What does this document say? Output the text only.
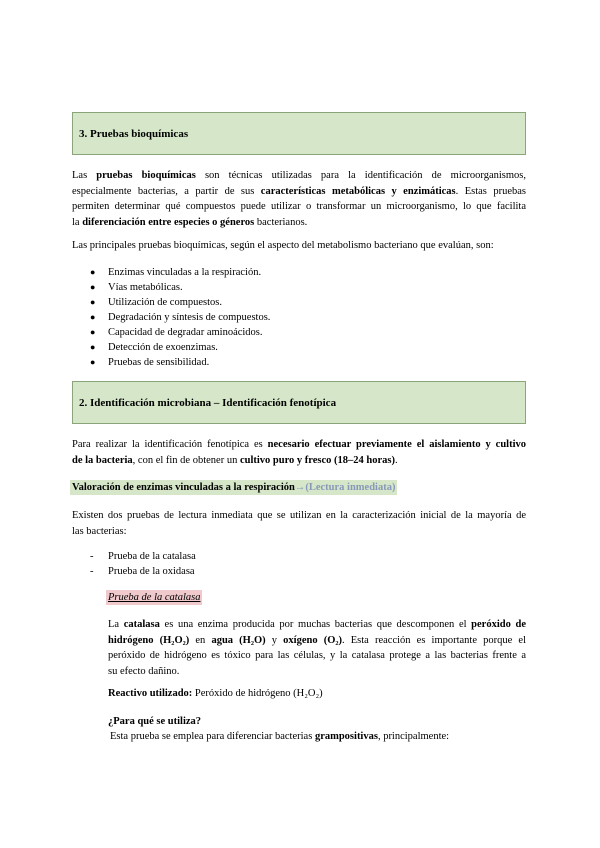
3. Pruebas bioquímicas
Las pruebas bioquímicas son técnicas utilizadas para la identificación de microorganismos,
especialmente bacterias, a partir de sus características metabólicas y enzimáticas. Estas pruebas
permiten determinar qué compuestos puede utilizar o transformar un microorganismo, lo que facilita
la diferenciación entre especies o géneros bacterianos.
Las principales pruebas bioquímicas, según el aspecto del metabolismo bacteriano que evalúan, son:
● Enzimas vinculadas a la respiración.
● Vías metabólicas.
● Utilización de compuestos.
● Degradación y síntesis de compuestos.
● Capacidad de degradar aminoácidos.
● Detección de exoenzimas.
● Pruebas de sensibilidad.
2. Identificación microbiana – Identificación fenotípica
Para realizar la identificación fenotípica es necesario efectuar previamente el aislamiento y cultivo
de la bacteria, con el fin de obtener un cultivo puro y fresco (18–24 horas).
Valoración de enzimas vinculadas a la respiración→(Lectura inmediata)
Existen dos pruebas de lectura inmediata que se utilizan en la caracterización inicial de la mayoría de
las bacterias:
- Prueba de la catalasa
- Prueba de la oxidasa
Prueba de la catalasa
La catalasa es una enzima producida por muchas bacterias que descomponen el peróxido de
hidrógeno (H₂O₂) en agua (H₂O) y oxígeno (O₂). Esta reacción es importante porque el
peróxido de hidrógeno es tóxico para las células, y la catalasa protege a las bacterias frente a
su efecto dañino.
Reactivo utilizado: Peróxido de hidrógeno (H₂O₂)
¿Para qué se utiliza?
Esta prueba se emplea para diferenciar bacterias grampositivas, principalmente:
